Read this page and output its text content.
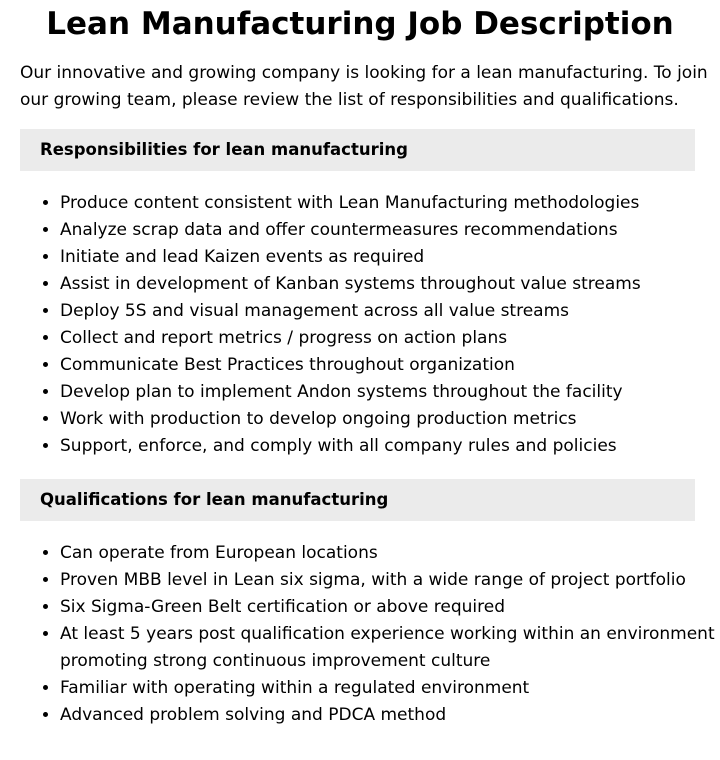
Lean Manufacturing Job Description
Our innovative and growing company is looking for a lean manufacturing. To join our growing team, please review the list of responsibilities and qualifications.
Responsibilities for lean manufacturing
• Produce content consistent with Lean Manufacturing methodologies
• Analyze scrap data and offer countermeasures recommendations
• Initiate and lead Kaizen events as required
• Assist in development of Kanban systems throughout value streams
• Deploy 5S and visual management across all value streams
• Collect and report metrics / progress on action plans
• Communicate Best Practices throughout organization
• Develop plan to implement Andon systems throughout the facility
• Work with production to develop ongoing production metrics
• Support, enforce, and comply with all company rules and policies
Qualifications for lean manufacturing
• Can operate from European locations
• Proven MBB level in Lean six sigma, with a wide range of project portfolio
• Six Sigma-Green Belt certification or above required
• At least 5 years post qualification experience working within an environment promoting strong continuous improvement culture
• Familiar with operating within a regulated environment
• Advanced problem solving and PDCA method
